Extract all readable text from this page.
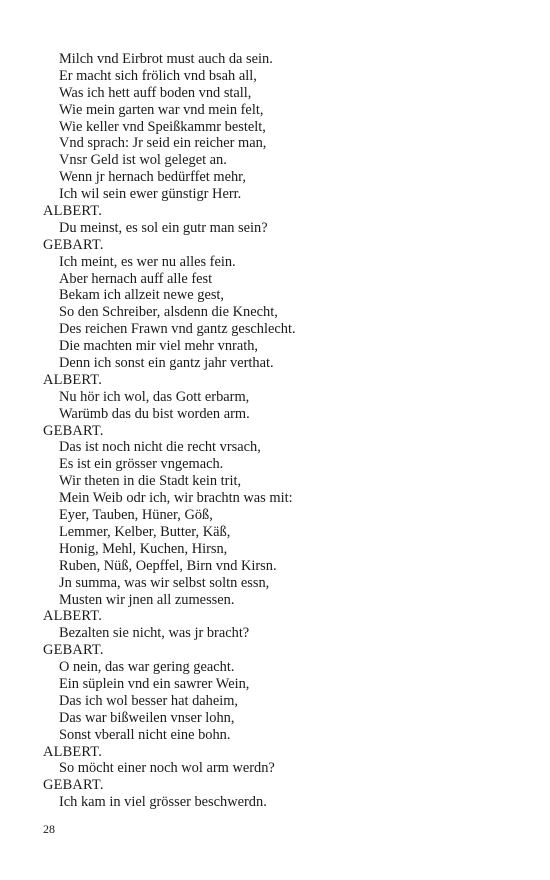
Milch vnd Eirbrot must auch da sein.
Er macht sich frölich vnd bsah all,
Was ich hett auff boden vnd stall,
Wie mein garten war vnd mein felt,
Wie keller vnd Speißkammr bestelt,
Vnd sprach: Jr seid ein reicher man,
Vnsr Geld ist wol geleget an.
Wenn jr hernach bedürffet mehr,
Ich wil sein ewer günstigr Herr.
ALBERT.
Du meinst, es sol ein gutr man sein?
GEBART.
Ich meint, es wer nu alles fein.
Aber hernach auff alle fest
Bekam ich allzeit newe gest,
So den Schreiber, alsdenn die Knecht,
Des reichen Frawn vnd gantz geschlecht.
Die machten mir viel mehr vnrath,
Denn ich sonst ein gantz jahr verthat.
ALBERT.
Nu hör ich wol, das Gott erbarm,
Warümb das du bist worden arm.
GEBART.
Das ist noch nicht die recht vrsach,
Es ist ein grösser vngemach.
Wir theten in die Stadt kein trit,
Mein Weib odr ich, wir brachtn was mit:
Eyer, Tauben, Hüner, Göß,
Lemmer, Kelber, Butter, Käß,
Honig, Mehl, Kuchen, Hirsn,
Ruben, Nüß, Oepffel, Birn vnd Kirsn.
Jn summa, was wir selbst soltn essn,
Musten wir jnen all zumessen.
ALBERT.
Bezalten sie nicht, was jr bracht?
GEBART.
O nein, das war gering geacht.
Ein süplein vnd ein sawrer Wein,
Das ich wol besser hat daheim,
Das war bißweilen vnser lohn,
Sonst vberall nicht eine bohn.
ALBERT.
So möcht einer noch wol arm werdn?
GEBART.
Ich kam in viel grösser beschwerdn.
28
